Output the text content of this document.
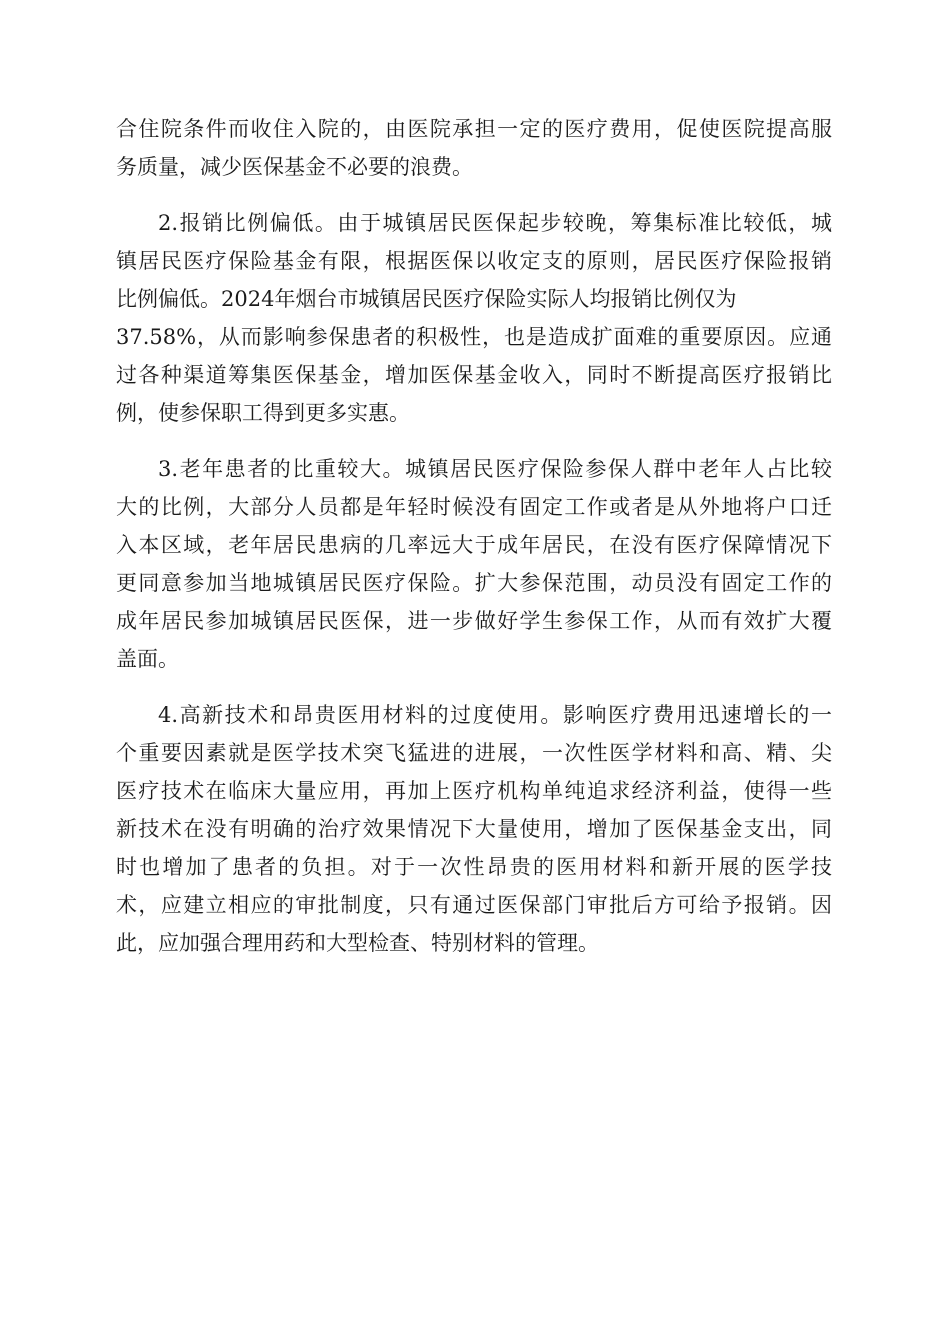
合住院条件而收住入院的，由医院承担一定的医疗费用，促使医院提高服
务质量，减少医保基金不必要的浪费。

2.报销比例偏低。由于城镇居民医保起步较晚，筹集标准比较低，城
镇居民医疗保险基金有限，根据医保以收定支的原则，居民医疗保险报销
比例偏低。2024年烟台市城镇居民医疗保险实际人均报销比例仅为
37.58%，从而影响参保患者的积极性，也是造成扩面难的重要原因。应通
过各种渠道筹集医保基金，增加医保基金收入，同时不断提高医疗报销比
例，使参保职工得到更多实惠。

3.老年患者的比重较大。城镇居民医疗保险参保人群中老年人占比较
大的比例，大部分人员都是年轻时候没有固定工作或者是从外地将户口迁
入本区域，老年居民患病的几率远大于成年居民，在没有医疗保障情况下
更同意参加当地城镇居民医疗保险。扩大参保范围，动员没有固定工作的
成年居民参加城镇居民医保，进一步做好学生参保工作，从而有效扩大覆
盖面。

4.高新技术和昂贵医用材料的过度使用。影响医疗费用迅速增长的一
个重要因素就是医学技术突飞猛进的进展，一次性医学材料和高、精、尖
医疗技术在临床大量应用，再加上医疗机构单纯追求经济利益，使得一些
新技术在没有明确的治疗效果情况下大量使用，增加了医保基金支出，同
时也增加了患者的负担。对于一次性昂贵的医用材料和新开展的医学技
术，应建立相应的审批制度，只有通过医保部门审批后方可给予报销。因
此，应加强合理用药和大型检查、特别材料的管理。
